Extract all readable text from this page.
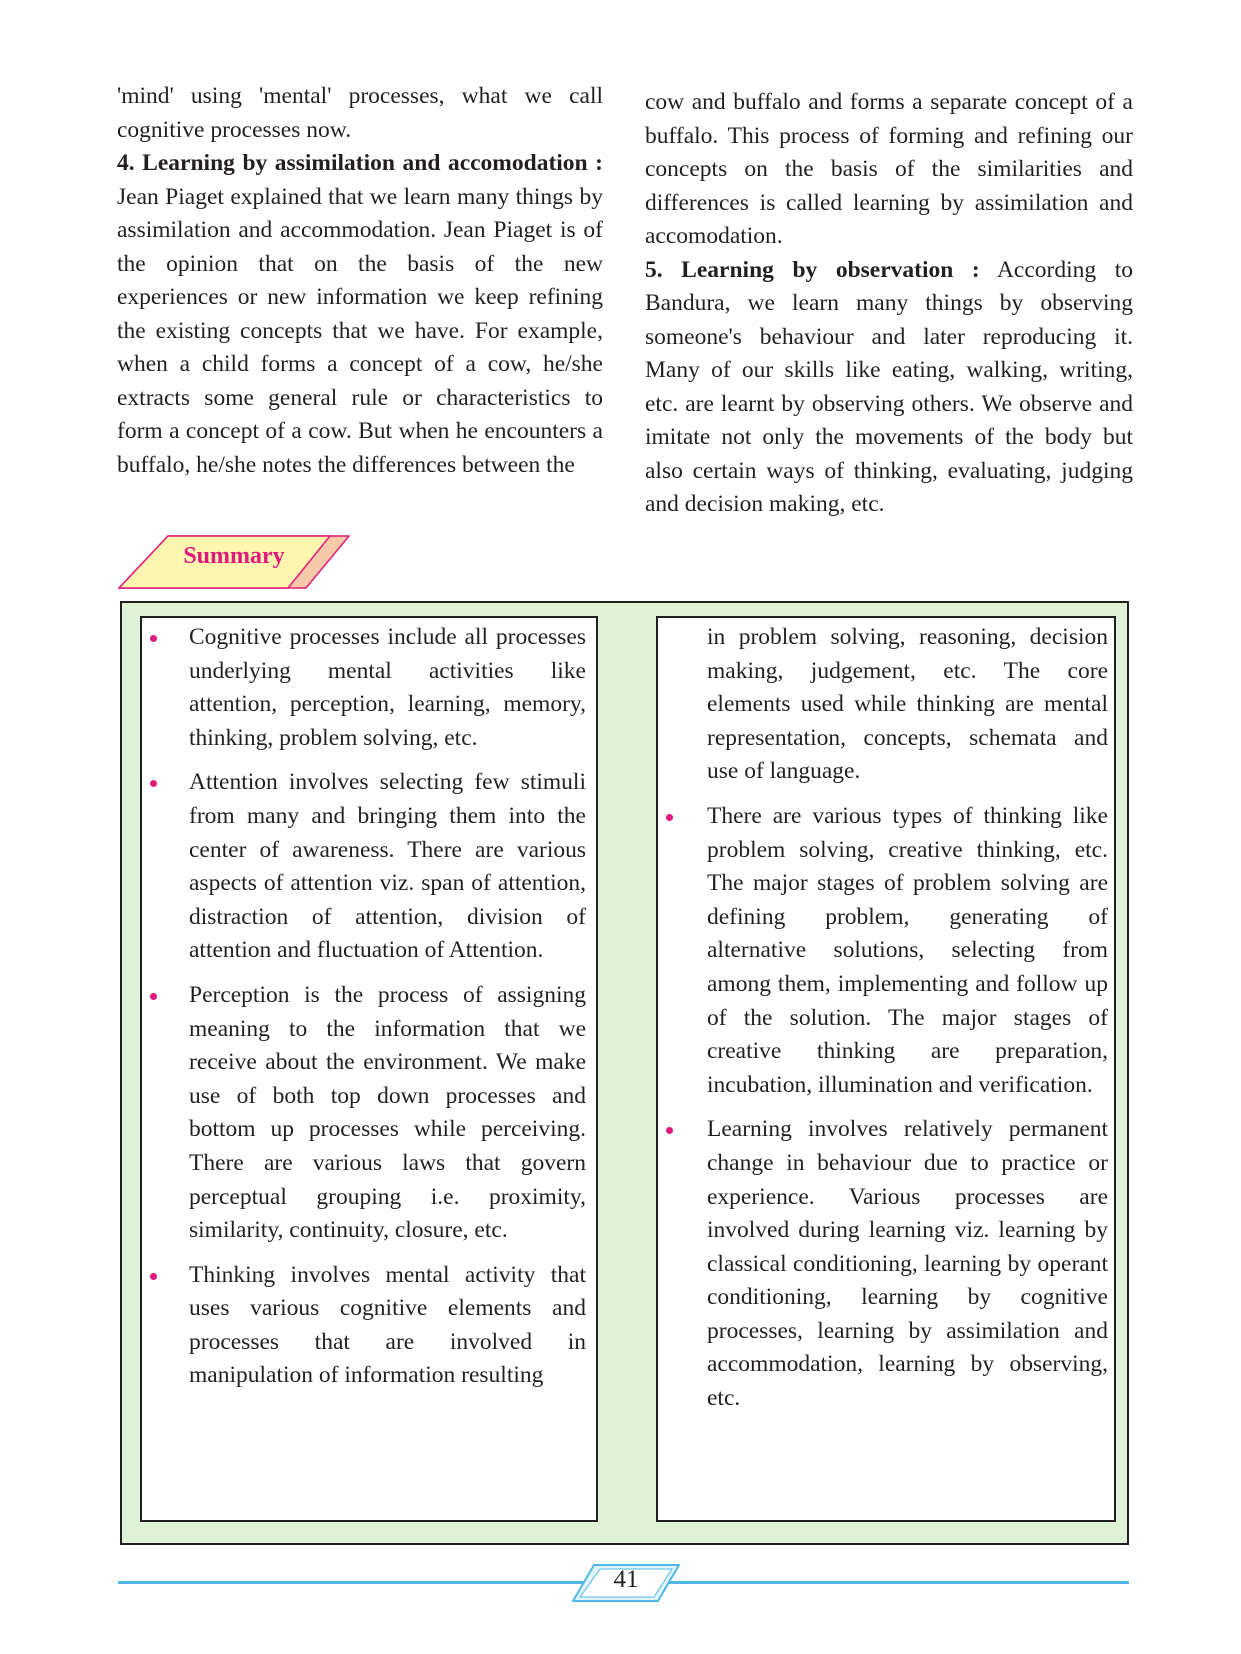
'mind' using 'mental' processes, what we call cognitive processes now.

4. Learning by assimilation and accomodation : Jean Piaget explained that we learn many things by assimilation and accommodation. Jean Piaget is of the opinion that on the basis of the new experiences or new information we keep refining the existing concepts that we have. For example, when a child forms a concept of a cow, he/she extracts some general rule or characteristics to form a concept of a cow. But when he encounters a buffalo, he/she notes the differences between the

cow and buffalo and forms a separate concept of a buffalo. This process of forming and refining our concepts on the basis of the similarities and differences is called learning by assimilation and accomodation.

5. Learning by observation : According to Bandura, we learn many things by observing someone's behaviour and later reproducing it. Many of our skills like eating, walking, writing, etc. are learnt by observing others. We observe and imitate not only the movements of the body but also certain ways of thinking, evaluating, judging and decision making, etc.

Summary
Cognitive processes include all processes underlying mental activities like attention, perception, learning, memory, thinking, problem solving, etc.
Attention involves selecting few stimuli from many and bringing them into the center of awareness. There are various aspects of attention viz. span of attention, distraction of attention, division of attention and fluctuation of Attention.
Perception is the process of assigning meaning to the information that we receive about the environment. We make use of both top down processes and bottom up processes while perceiving. There are various laws that govern perceptual grouping i.e. proximity, similarity, continuity, closure, etc.
Thinking involves mental activity that uses various cognitive elements and processes that are involved in manipulation of information resulting
in problem solving, reasoning, decision making, judgement, etc. The core elements used while thinking are mental representation, concepts, schemata and use of language.
There are various types of thinking like problem solving, creative thinking, etc. The major stages of problem solving are defining problem, generating of alternative solutions, selecting from among them, implementing and follow up of the solution. The major stages of creative thinking are preparation, incubation, illumination and verification.
Learning involves relatively permanent change in behaviour due to practice or experience. Various processes are involved during learning viz. learning by classical conditioning, learning by operant conditioning, learning by cognitive processes, learning by assimilation and accommodation, learning by observing, etc.
41
